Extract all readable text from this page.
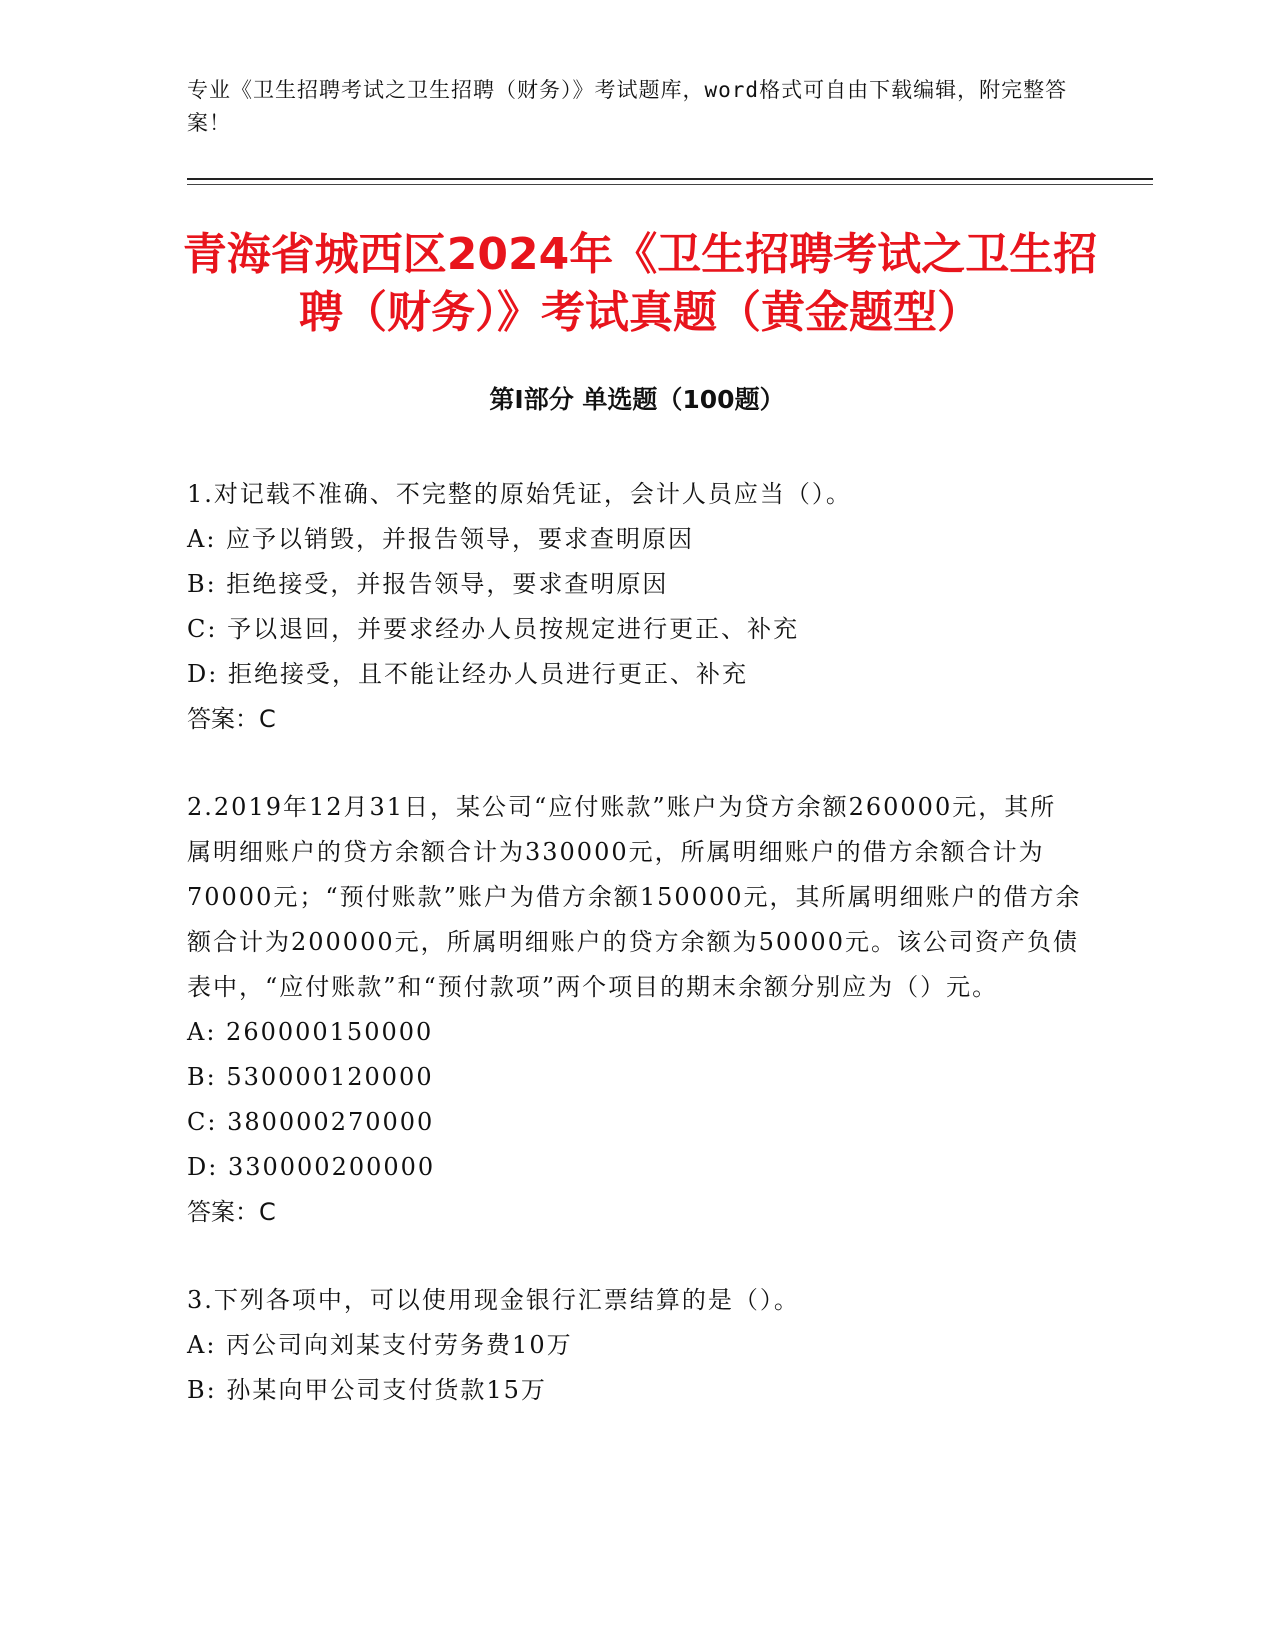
专业《卫生招聘考试之卫生招聘（财务）》考试题库，word格式可自由下载编辑，附完整答案！
青海省城西区2024年《卫生招聘考试之卫生招聘（财务）》考试真题（黄金题型）
第I部分 单选题（100题）

1.对记载不准确、不完整的原始凭证，会计人员应当（）。

A: 应予以销毁，并报告领导，要求查明原因

B: 拒绝接受，并报告领导，要求查明原因

C: 予以退回，并要求经办人员按规定进行更正、补充

D: 拒绝接受，且不能让经办人员进行更正、补充

答案：C

2.2019年12月31日，某公司“应付账款”账户为贷方余额260000元，其所属明细账户的贷方余额合计为330000元，所属明细账户的借方余额合计为70000元；“预付账款”账户为借方余额150000元，其所属明细账户的借方余额合计为200000元，所属明细账户的贷方余额为50000元。该公司资产负债表中，“应付账款”和“预付款项”两个项目的期末余额分别应为（）元。

A: 260000150000

B: 530000120000

C: 380000270000

D: 330000200000

答案：C

3.下列各项中，可以使用现金银行汇票结算的是（）。

A: 丙公司向刘某支付劳务费10万

B: 孙某向甲公司支付货款15万
